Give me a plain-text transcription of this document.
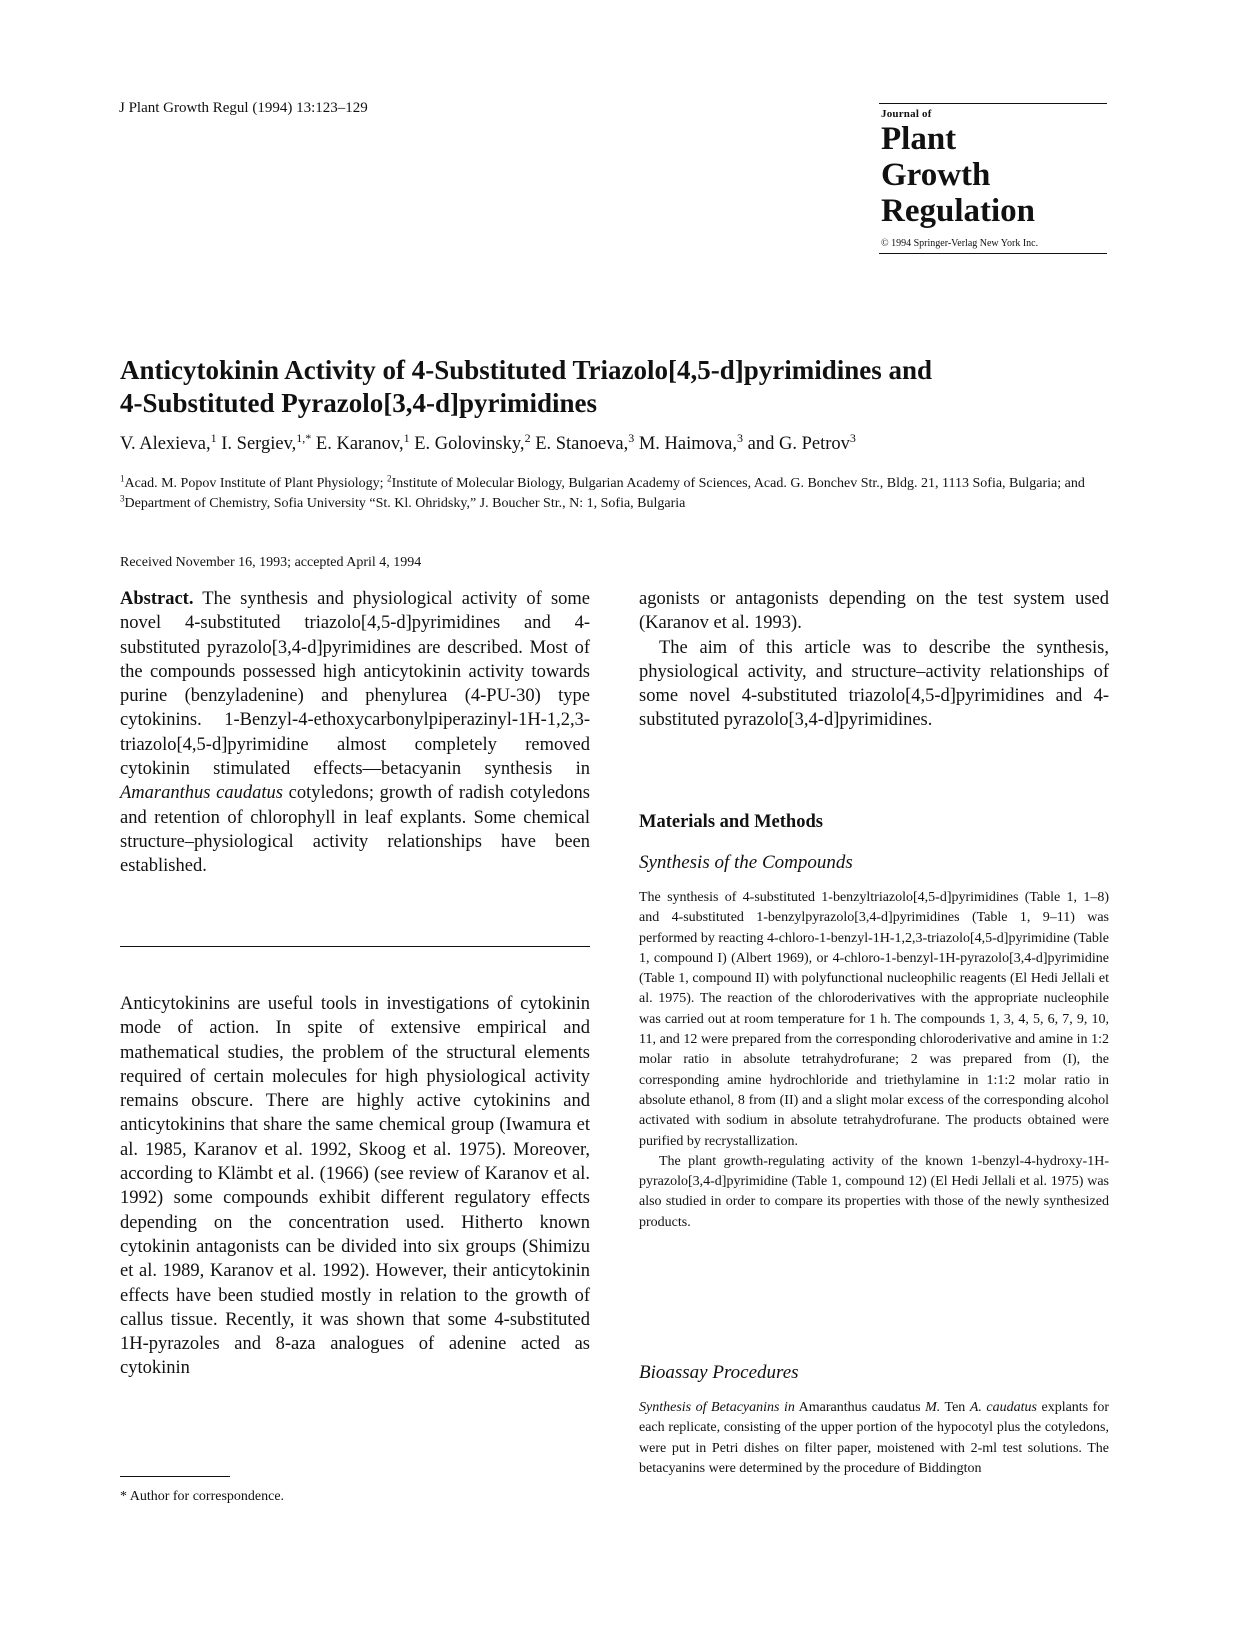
J Plant Growth Regul (1994) 13:123–129	Journal of
Plant
Growth
Regulation
© 1994 Springer-Verlag New York Inc.
Anticytokinin Activity of 4-Substituted Triazolo[4,5-d]pyrimidines and
4-Substituted Pyrazolo[3,4-d]pyrimidines
V. Alexieva,$^1$ I. Sergiev,$^{1,*}$ E. Karanov,$^1$ E. Golovinsky,$^2$ E. Stanoeva,$^3$ M. Haimova,$^3$ and G. Petrov$^3$
$^1$Acad. M. Popov Institute of Plant Physiology; $^2$Institute of Molecular Biology, Bulgarian Academy of Sciences, Acad. G. Bonchev Str., Bldg. 21, 1113 Sofia, Bulgaria; and $^3$Department of Chemistry, Sofia University “St. Kl. Ohridsky,” J. Boucher Str., N: 1, Sofia, Bulgaria
Received November 16, 1993; accepted April 4, 1994
Abstract. The synthesis and physiological activity of some novel 4-substituted triazolo[4,5-d]pyrimidines and 4-substituted pyrazolo[3,4-d]pyrimidines are described. Most of the compounds possessed high anticytokinin activity towards purine (benzyladenine) and phenylurea (4-PU-30) type cytokinins. 1-Benzyl-4-ethoxycarbonylpiperazinyl-1H-1,2,3-triazolo[4,5-d]pyrimidine almost completely removed cytokinin stimulated effects—betacyanin synthesis in Amaranthus caudatus cotyledons; growth of radish cotyledons and retention of chlorophyll in leaf explants. Some chemical structure–physiological activity relationships have been established.
Anticytokinins are useful tools in investigations of cytokinin mode of action. In spite of extensive empirical and mathematical studies, the problem of the structural elements required of certain molecules for high physiological activity remains obscure. There are highly active cytokinins and anticytokinins that share the same chemical group (Iwamura et al. 1985, Karanov et al. 1992, Skoog et al. 1975). Moreover, according to Klämbt et al. (1966) (see review of Karanov et al. 1992) some compounds exhibit different regulatory effects depending on the concentration used. Hitherto known cytokinin antagonists can be divided into six groups (Shimizu et al. 1989, Karanov et al. 1992). However, their anticytokinin effects have been studied mostly in relation to the growth of callus tissue. Recently, it was shown that some 4-substituted 1H-pyrazoles and 8-aza analogues of adenine acted as cytokinin
* Author for correspondence.

agonists or antagonists depending on the test system used (Karanov et al. 1993).

The aim of this article was to describe the synthesis, physiological activity, and structure–activity relationships of some novel 4-substituted triazolo[4,5-d]pyrimidines and 4-substituted pyrazolo[3,4-d]pyrimidines.

Materials and Methods
Synthesis of the Compounds

The synthesis of 4-substituted 1-benzyltriazolo[4,5-d]pyrimidines (Table 1, 1–8) and 4-substituted 1-benzylpyrazolo[3,4-d]pyrimidines (Table 1, 9–11) was performed by reacting 4-chloro-1-benzyl-1H-1,2,3-triazolo[4,5-d]pyrimidine (Table 1, compound I) (Albert 1969), or 4-chloro-1-benzyl-1H-pyrazolo[3,4-d]pyrimidine (Table 1, compound II) with polyfunctional nucleophilic reagents (El Hedi Jellali et al. 1975). The reaction of the chloroderivatives with the appropriate nucleophile was carried out at room temperature for 1 h. The compounds 1, 3, 4, 5, 6, 7, 9, 10, 11, and 12 were prepared from the corresponding chloroderivative and amine in 1:2 molar ratio in absolute tetrahydrofurane; 2 was prepared from (I), the corresponding amine hydrochloride and triethylamine in 1:1:2 molar ratio in absolute ethanol, 8 from (II) and a slight molar excess of the corresponding alcohol activated with sodium in absolute tetrahydrofurane. The products obtained were purified by recrystallization.

The plant growth-regulating activity of the known 1-benzyl-4-hydroxy-1H-pyrazolo[3,4-d]pyrimidine (Table 1, compound 12) (El Hedi Jellali et al. 1975) was also studied in order to compare its properties with those of the newly synthesized products.

Bioassay Procedures
Synthesis of Betacyanins in Amaranthus caudatus M. Ten A. caudatus explants for each replicate, consisting of the upper portion of the hypocotyl plus the cotyledons, were put in Petri dishes on filter paper, moistened with 2-ml test solutions. The betacyanins were determined by the procedure of Biddington
